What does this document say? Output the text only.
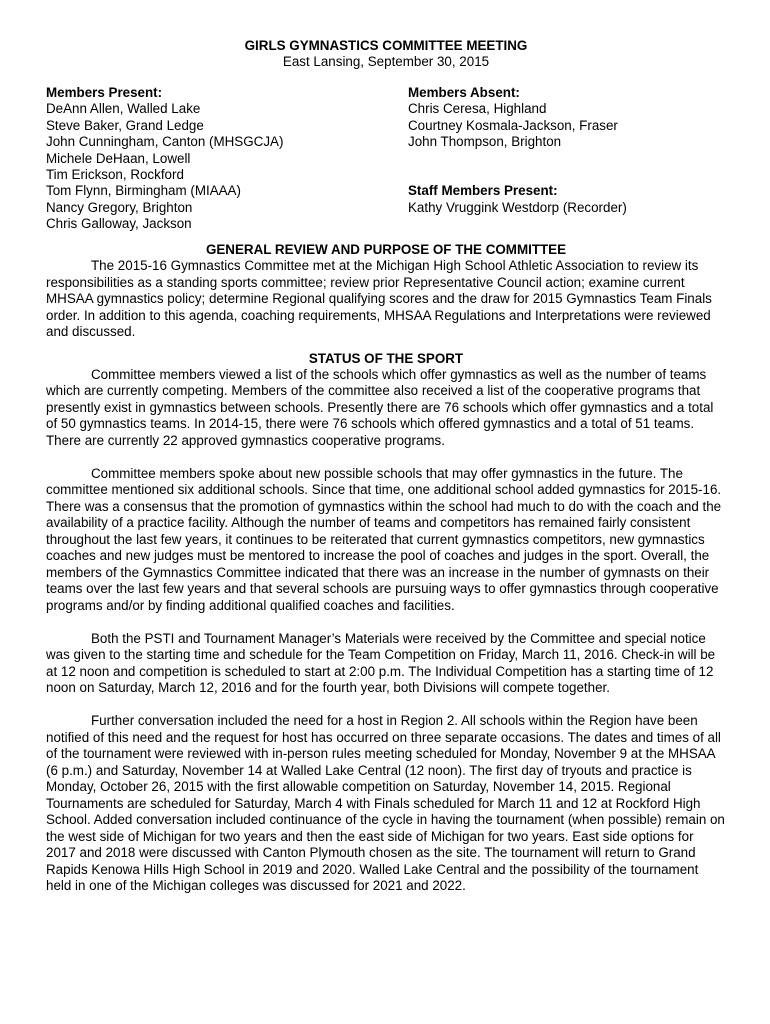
GIRLS GYMNASTICS COMMITTEE MEETING
East Lansing, September 30, 2015
Members Present:
DeAnn Allen, Walled Lake
Steve Baker, Grand Ledge
John Cunningham, Canton (MHSGCJA)
Michele DeHaan, Lowell
Tim Erickson, Rockford
Tom Flynn, Birmingham (MIAAA)
Nancy Gregory, Brighton
Chris Galloway, Jackson
Members Absent:
Chris Ceresa, Highland
Courtney Kosmala-Jackson, Fraser
John Thompson, Brighton
Staff Members Present:
Kathy Vruggink Westdorp (Recorder)
GENERAL REVIEW AND PURPOSE OF THE COMMITTEE

The 2015-16 Gymnastics Committee met at the Michigan High School Athletic Association to review its responsibilities as a standing sports committee; review prior Representative Council action; examine current MHSAA gymnastics policy; determine Regional qualifying scores and the draw for 2015 Gymnastics Team Finals order. In addition to this agenda, coaching requirements, MHSAA Regulations and Interpretations were reviewed and discussed.

STATUS OF THE SPORT

Committee members viewed a list of the schools which offer gymnastics as well as the number of teams which are currently competing. Members of the committee also received a list of the cooperative programs that presently exist in gymnastics between schools. Presently there are 76 schools which offer gymnastics and a total of 50 gymnastics teams. In 2014-15, there were 76 schools which offered gymnastics and a total of 51 teams. There are currently 22 approved gymnastics cooperative programs.

Committee members spoke about new possible schools that may offer gymnastics in the future. The committee mentioned six additional schools. Since that time, one additional school added gymnastics for 2015-16. There was a consensus that the promotion of gymnastics within the school had much to do with the coach and the availability of a practice facility. Although the number of teams and competitors has remained fairly consistent throughout the last few years, it continues to be reiterated that current gymnastics competitors, new gymnastics coaches and new judges must be mentored to increase the pool of coaches and judges in the sport. Overall, the members of the Gymnastics Committee indicated that there was an increase in the number of gymnasts on their teams over the last few years and that several schools are pursuing ways to offer gymnastics through cooperative programs and/or by finding additional qualified coaches and facilities.

Both the PSTI and Tournament Manager’s Materials were received by the Committee and special notice was given to the starting time and schedule for the Team Competition on Friday, March 11, 2016. Check-in will be at 12 noon and competition is scheduled to start at 2:00 p.m. The Individual Competition has a starting time of 12 noon on Saturday, March 12, 2016 and for the fourth year, both Divisions will compete together.

Further conversation included the need for a host in Region 2. All schools within the Region have been notified of this need and the request for host has occurred on three separate occasions. The dates and times of all of the tournament were reviewed with in-person rules meeting scheduled for Monday, November 9 at the MHSAA (6 p.m.) and Saturday, November 14 at Walled Lake Central (12 noon). The first day of tryouts and practice is Monday, October 26, 2015 with the first allowable competition on Saturday, November 14, 2015. Regional Tournaments are scheduled for Saturday, March 4 with Finals scheduled for March 11 and 12 at Rockford High School. Added conversation included continuance of the cycle in having the tournament (when possible) remain on the west side of Michigan for two years and then the east side of Michigan for two years. East side options for 2017 and 2018 were discussed with Canton Plymouth chosen as the site. The tournament will return to Grand Rapids Kenowa Hills High School in 2019 and 2020. Walled Lake Central and the possibility of the tournament held in one of the Michigan colleges was discussed for 2021 and 2022.
